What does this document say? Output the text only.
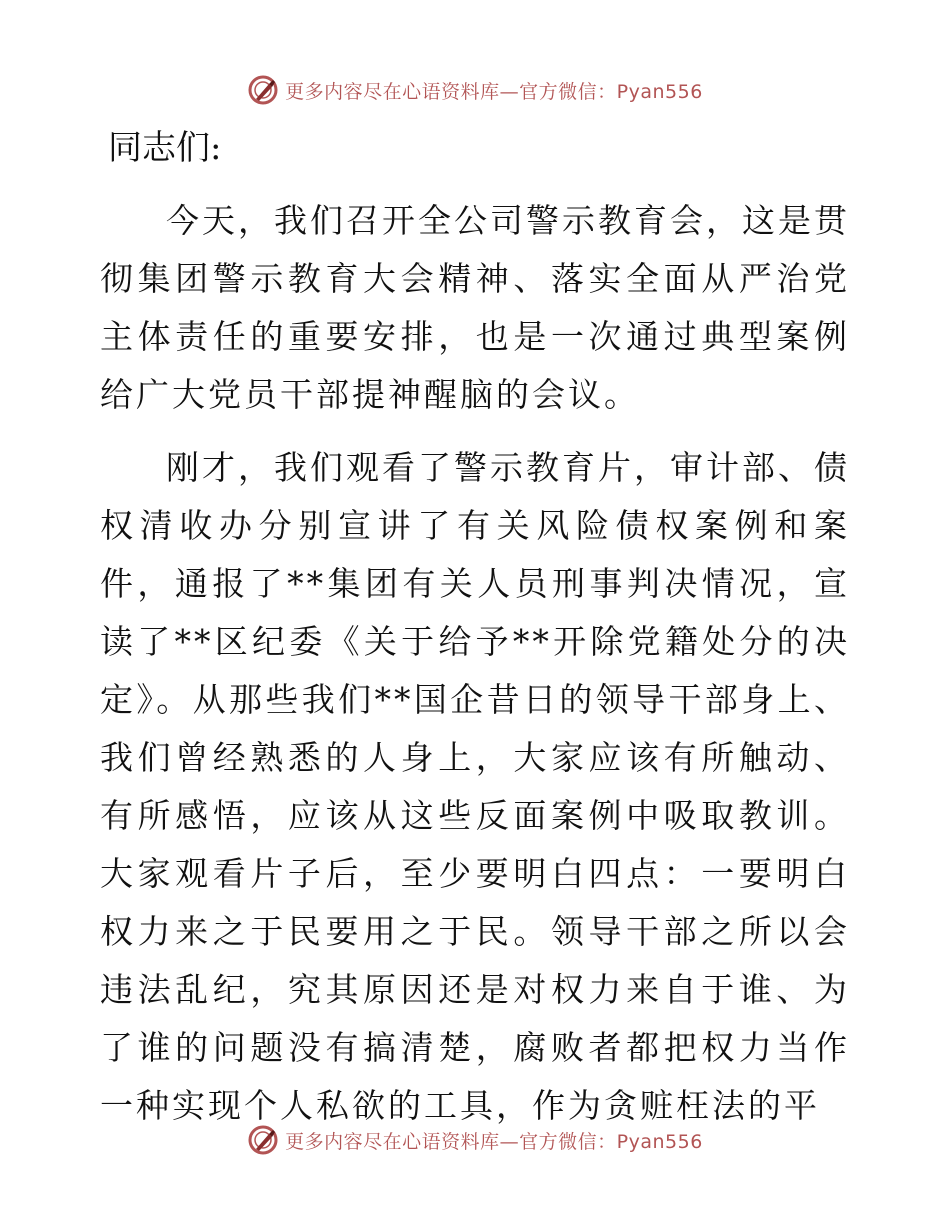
更多内容尽在心语资料库—官方微信：Pyan556
同志们:

今天，我们召开全公司警示教育会，这是贯彻集团警示教育大会精神、落实全面从严治党主体责任的重要安排，也是一次通过典型案例给广大党员干部提神醒脑的会议。

刚才，我们观看了警示教育片，审计部、债权清收办分别宣讲了有关风险债权案例和案件，通报了**集团有关人员刑事判决情况，宣读了**区纪委《关于给予**开除党籍处分的决定》。从那些我们**国企昔日的领导干部身上、我们曾经熟悉的人身上，大家应该有所触动、有所感悟，应该从这些反面案例中吸取教训。大家观看片子后，至少要明白四点：一要明白权力来之于民要用之于民。领导干部之所以会违法乱纪，究其原因还是对权力来自于谁、为了谁的问题没有搞清楚，腐败者都把权力当作一种实现个人私欲的工具，作为贪赃枉法的平

更多内容尽在心语资料库—官方微信：Pyan556
